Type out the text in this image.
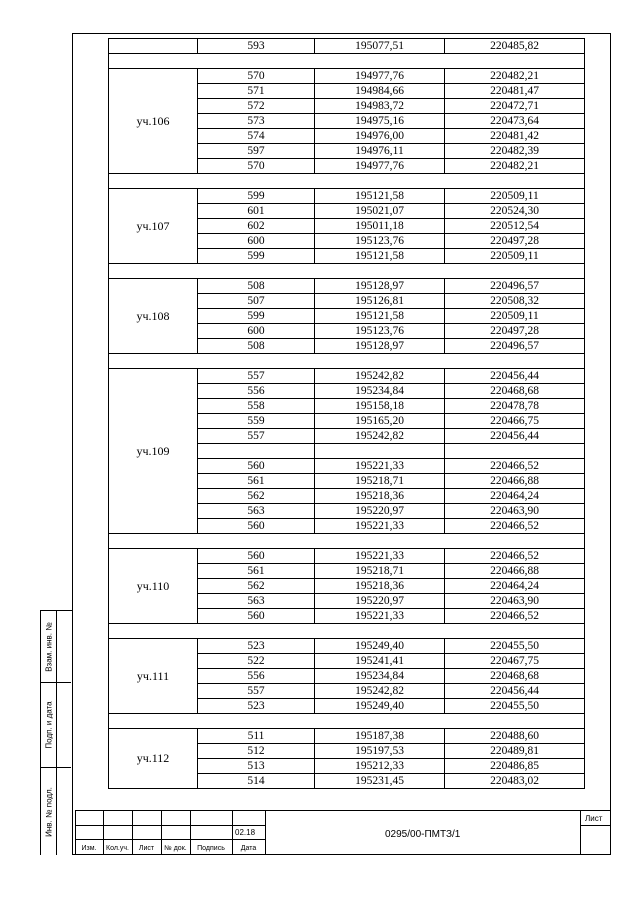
Взам. инв. №
Подп. и дата
Инв. № подл.
	593	195077,51	220485,82

уч.106	570	194977,76	220482,21
	571	194984,66	220481,47
	572	194983,72	220472,71
	573	194975,16	220473,64
	574	194976,00	220481,42
	597	194976,11	220482,39
	570	194977,76	220482,21

уч.107	599	195121,58	220509,11
	601	195021,07	220524,30
	602	195011,18	220512,54
	600	195123,76	220497,28
	599	195121,58	220509,11

уч.108	508	195128,97	220496,57
	507	195126,81	220508,32
	599	195121,58	220509,11
	600	195123,76	220497,28
	508	195128,97	220496,57

уч.109	557	195242,82	220456,44
	556	195234,84	220468,68
	558	195158,18	220478,78
	559	195165,20	220466,75
	557	195242,82	220456,44

	560	195221,33	220466,52
	561	195218,71	220466,88
	562	195218,36	220464,24
	563	195220,97	220463,90
	560	195221,33	220466,52

уч.110	560	195221,33	220466,52
	561	195218,71	220466,88
	562	195218,36	220464,24
	563	195220,97	220463,90
	560	195221,33	220466,52

уч.111	523	195249,40	220455,50
	522	195241,41	220467,75
	556	195234,84	220468,68
	557	195242,82	220456,44
	523	195249,40	220455,50

уч.112	511	195187,38	220488,60
	512	195197,53	220489,81
	513	195212,33	220486,85
	514	195231,45	220483,02
Изм.	Кол.уч.	Лист	№ док.	Подпись	Дата
02.18	0295/00-ПМТЗ/1
Лист
